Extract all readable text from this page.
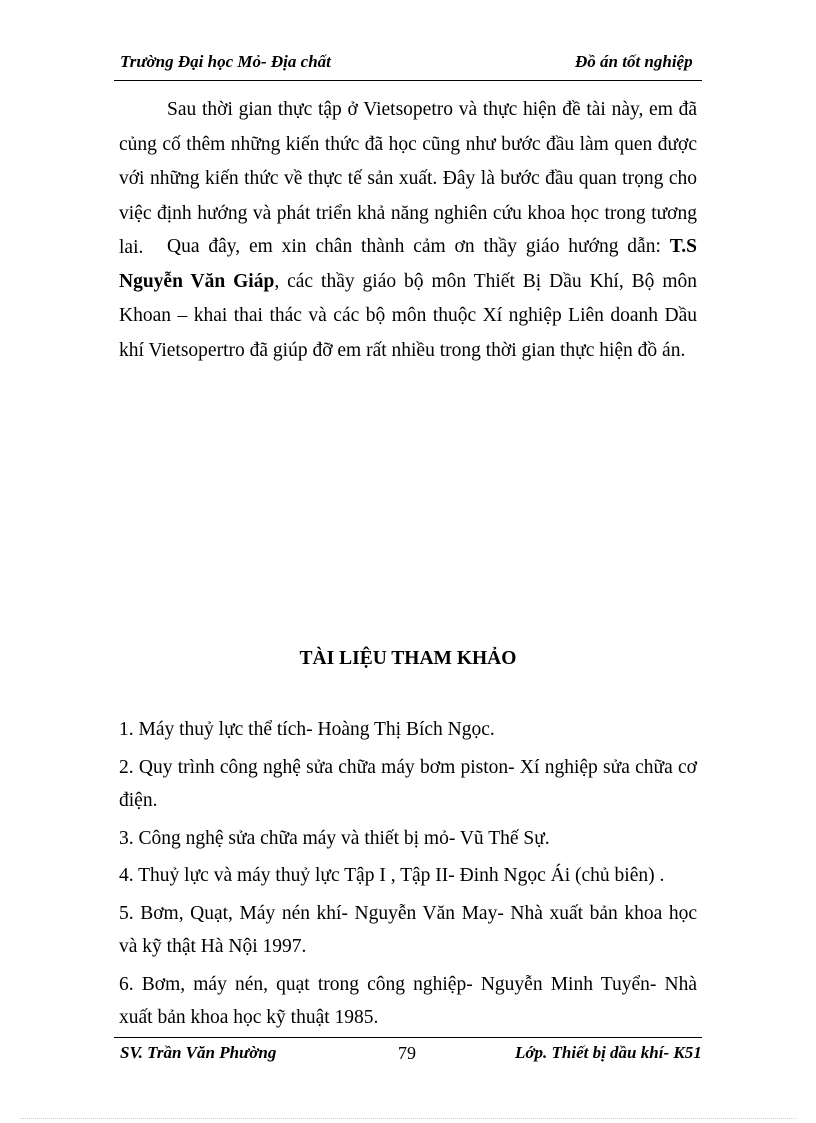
Trường Đại học Mỏ- Địa chất	Đồ án tốt nghiệp
Sau thời gian thực tập ở Vietsopetro và thực hiện đề tài này, em đã củng cố thêm những kiến thức đã học cũng như bước đầu làm quen được với những kiến thức về thực tế sản xuất. Đây là bước đầu quan trọng cho việc định hướng và phát triển khả năng nghiên cứu khoa học trong tương lai.	Qua đây, em xin chân thành cảm ơn thầy giáo hướng dẫn: T.S Nguyễn Văn Giáp, các thầy giáo bộ môn Thiết Bị Dầu Khí, Bộ môn Khoan – khai thai thác và các bộ môn thuộc Xí nghiệp Liên doanh Dầu khí Vietsopertro đã giúp đỡ em rất nhiều trong thời gian thực hiện đồ án.
TÀI LIỆU THAM KHẢO
1. Máy thuỷ lực thể tích- Hoàng Thị Bích Ngọc.
2. Quy trình công nghệ sửa chữa máy bơm piston- Xí nghiệp sửa chữa cơ điện.
3. Công nghệ sửa chữa máy và thiết bị mỏ- Vũ Thế Sự.
4. Thuỷ lực và máy thuỷ lực Tập I , Tập II- Đinh Ngọc Ái (chủ biên) .
5. Bơm, Quạt, Máy nén khí- Nguyễn Văn May- Nhà xuất bản khoa học và kỹ thật Hà Nội 1997.
6. Bơm, máy nén, quạt trong công nghiệp- Nguyễn Minh Tuyển- Nhà xuất bản khoa học kỹ thuật 1985.
SV. Trần Văn Phường	79	Lớp. Thiết bị dầu khí- K51
